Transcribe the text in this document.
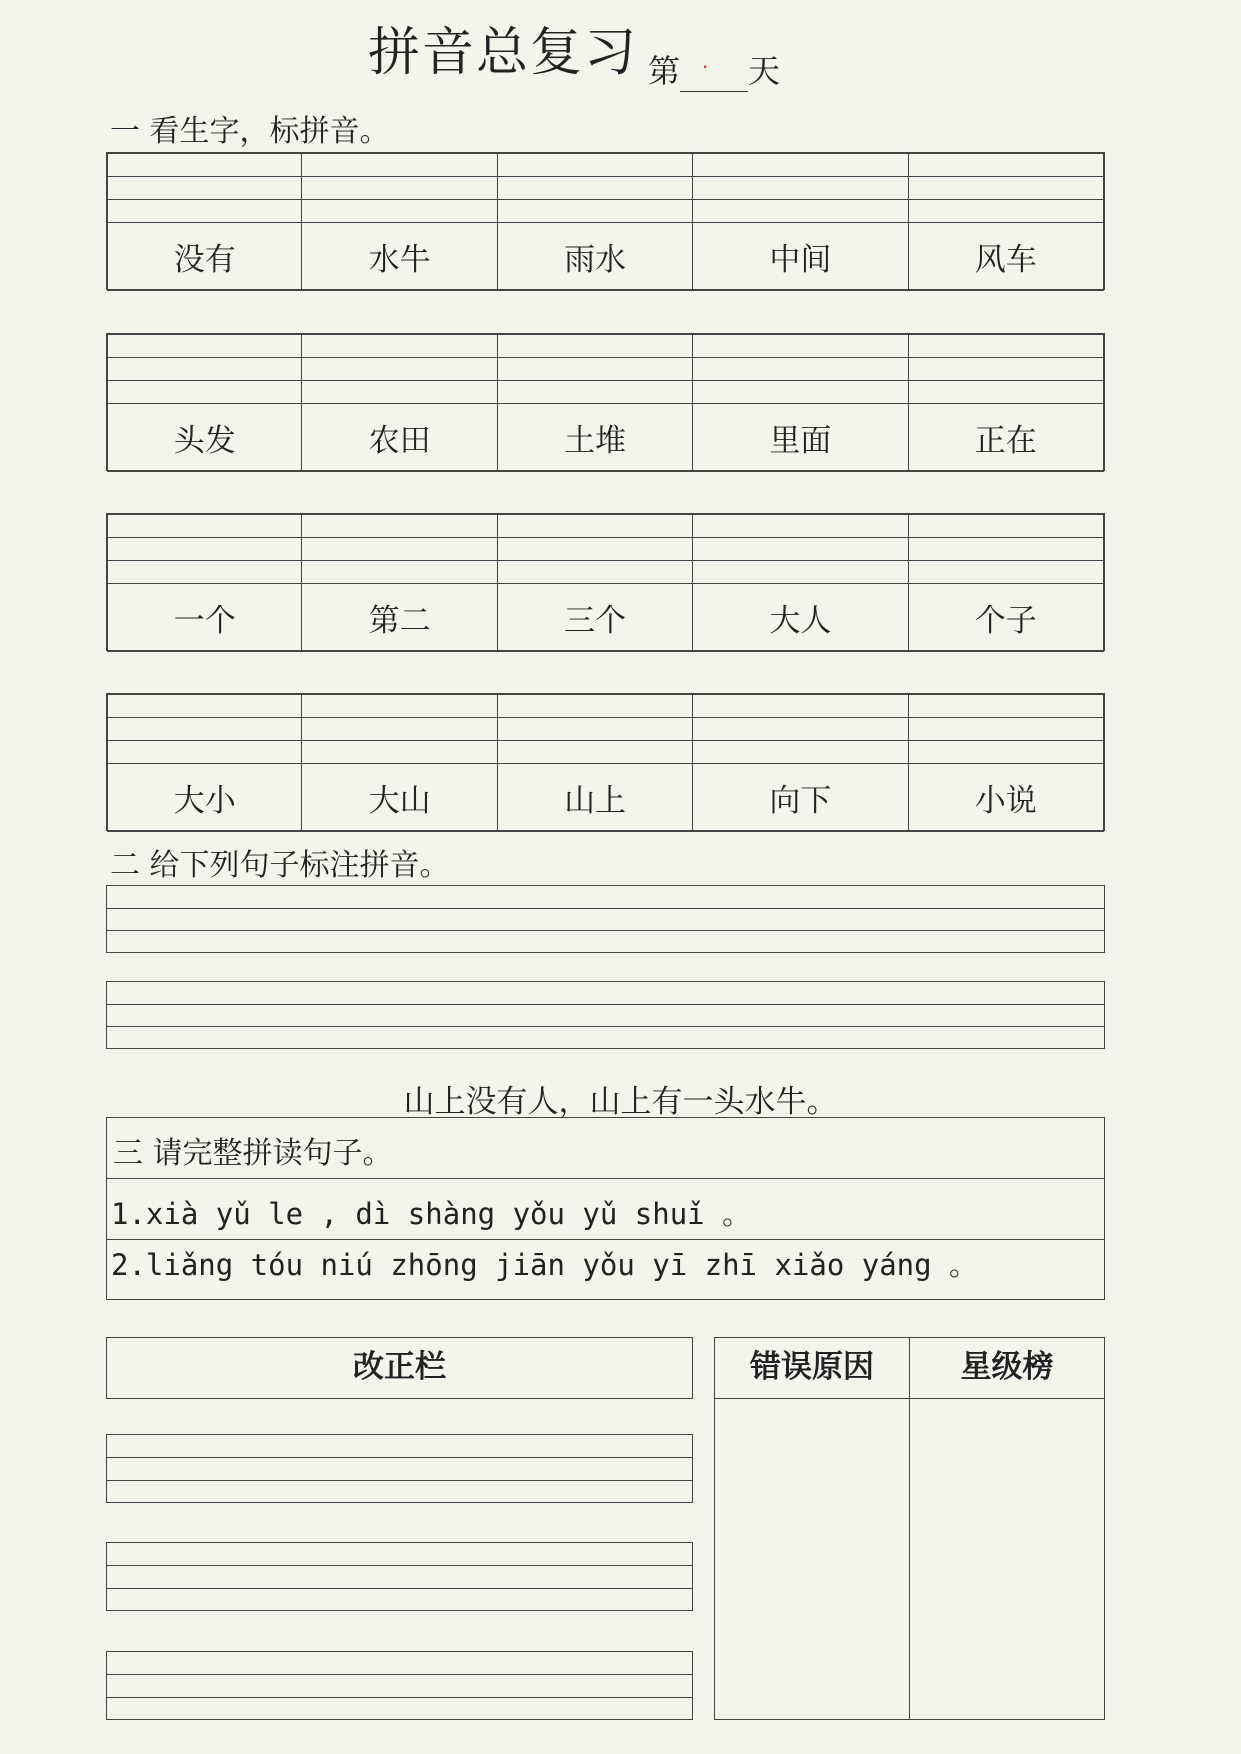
拼音总复习 第 · 天
一 看生字，标拼音。

没有	水牛	雨水	中间	风车

头发	农田	土堆	里面	正在

一个	第二	三个	大人	个子

大小	大山	山上	向下	小说
二 给下列句子标注拼音。
山上没有人，山上有一头水牛。
三 请完整拼读句子。
1.xià yǔ le , dì shàng yǒu yǔ shuǐ 。
2.liǎng tóu niú zhōng jiān yǒu yī zhī xiǎo yáng 。
改正栏	错误原因	星级榜
